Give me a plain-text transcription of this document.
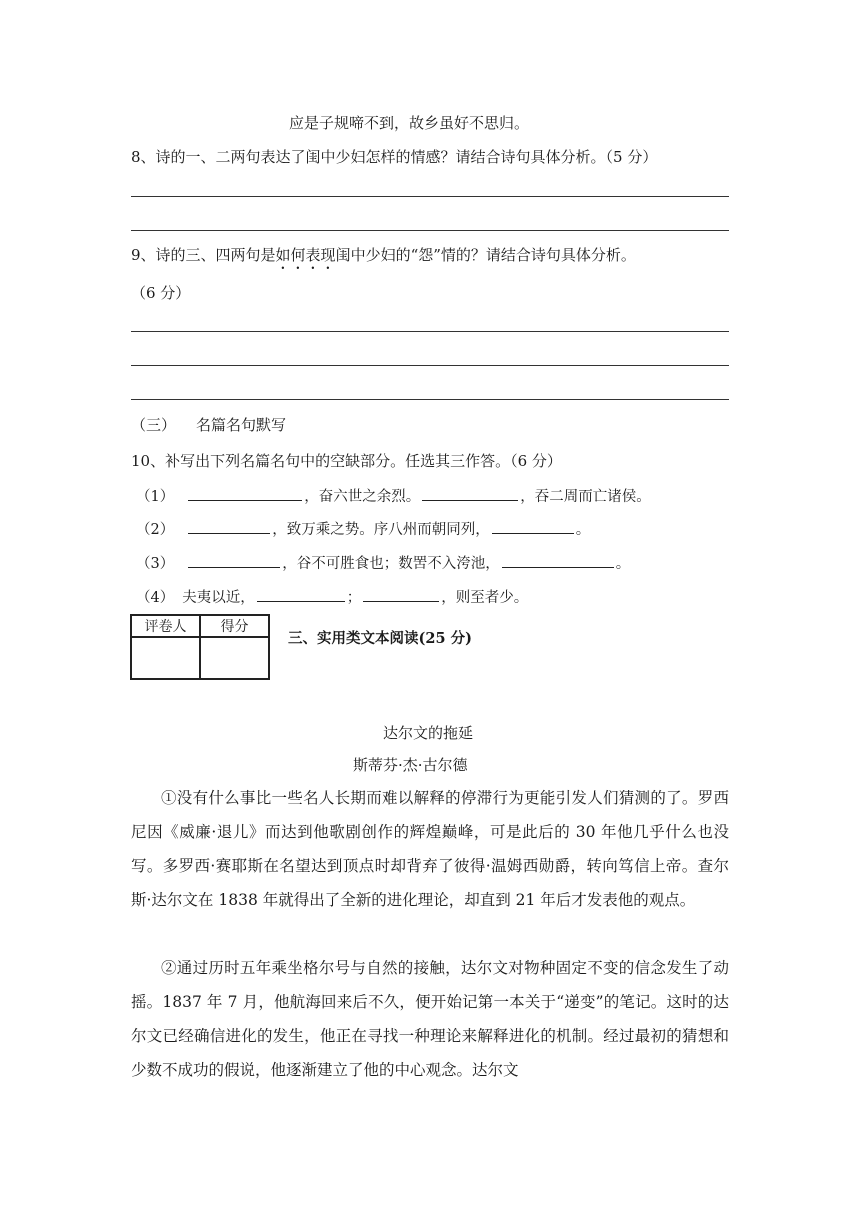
应是子规啼不到，故乡虽好不思归。
8、诗的一、二两句表达了闺中少妇怎样的情感？请结合诗句具体分析。（5 分）
9、诗的三、四两句是如何表现闺中少妇的“怨”情的？请结合诗句具体分析。
（6 分）
（三） 名篇名句默写
10、补写出下列名篇名句中的空缺部分。任选其三作答。（6 分）
（1）	，奋六世之余烈。	，吞二周而亡诸侯。
（2）	，致万乘之势。序八州而朝同列，	。
（3）	，谷不可胜食也；数罟不入洿池，	。
（4） 夫夷以近，	；	，则至者少。
评卷人	得分

三、实用类文本阅读(25 分)
达尔文的拖延
斯蒂芬·杰·古尔德
①没有什么事比一些名人长期而难以解释的停滞行为更能引发人们猜测的了。罗西尼因《威廉·退儿》而达到他歌剧创作的辉煌巅峰，可是此后的 30 年他几乎什么也没写。多罗西·赛耶斯在名望达到顶点时却背弃了彼得·温姆西勋爵，转向笃信上帝。查尔斯·达尔文在 1838 年就得出了全新的进化理论，却直到 21 年后才发表他的观点。
②通过历时五年乘坐格尔号与自然的接触，达尔文对物种固定不变的信念发生了动摇。1837 年 7 月，他航海回来后不久，便开始记第一本关于“递变”的笔记。这时的达尔文已经确信进化的发生，他正在寻找一种理论来解释进化的机制。经过最初的猜想和少数不成功的假说，他逐渐建立了他的中心观念。达尔文
